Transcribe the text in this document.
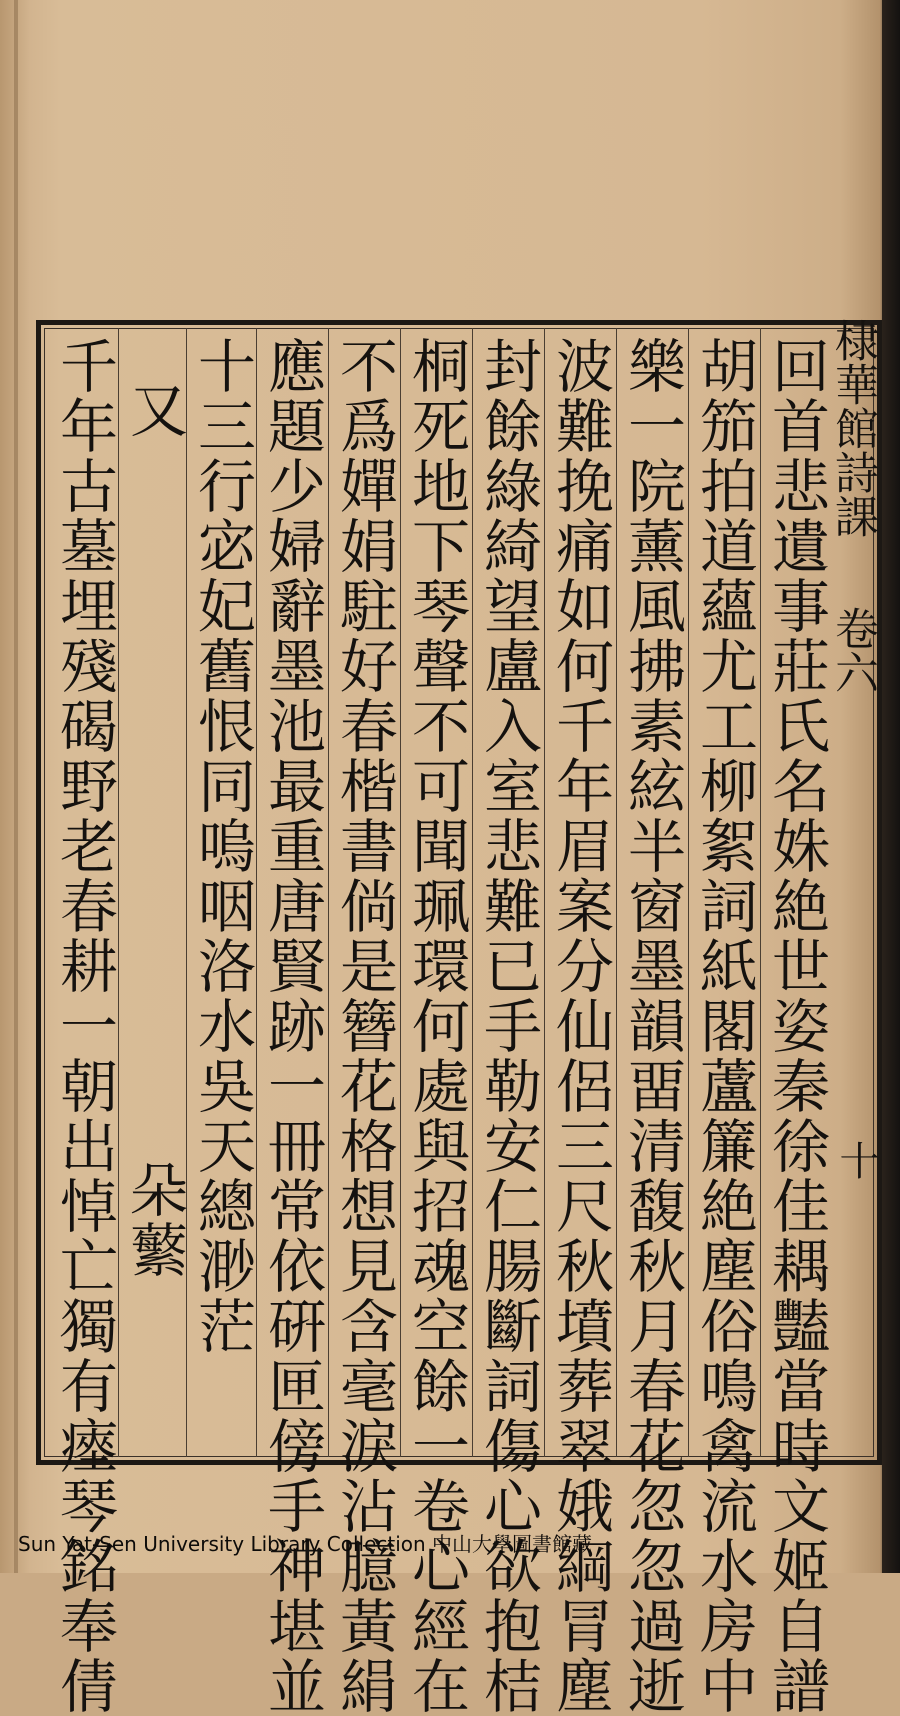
棣華館詩課
卷六
十
回首悲遺事莊氏名姝絶世姿秦徐佳耦豔當時文姬自譜
胡笳拍道蘊尤工柳絮詞紙閣蘆簾絶塵俗鳴禽流水房中
樂一院薰風拂素絃半窗墨韻畱清馥秋月春花忽忽過逝
波難挽痛如何千年眉案分仙侶三尺秋墳葬翠娥綱冐塵
封餘綠綺望盧入室悲難已手勒安仁腸斷詞傷心欲抱桔
桐死地下琴聲不可聞珮環何處與招魂空餘一卷心經在
不爲嬋娟駐好春楷書倘是簪花格想見含毫淚沾臆黃絹
應題少婦辭墨池最重唐賢跡一冊常依硏匣傍手神堪並
十三行宓妃舊恨同嗚咽洛水吳天總渺茫
又
千年古墓埋殘碣野老春耕一朝出悼亡獨有瘞琴銘奉倩 朵蘩
Sun Yat-Sen University Library Collection 中山大學圖書館藏
